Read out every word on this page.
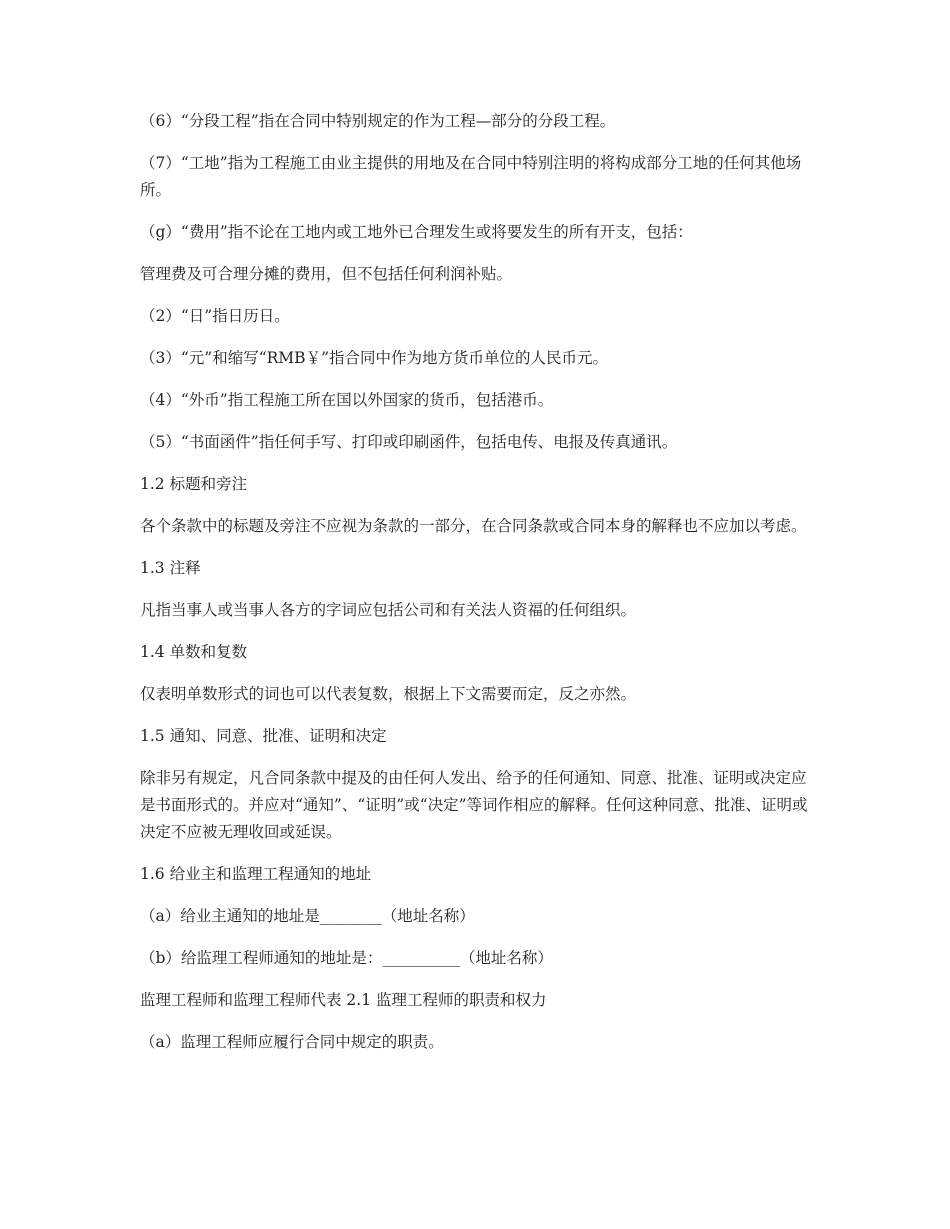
（6）“分段工程”指在合同中特别规定的作为工程—部分的分段工程。

（7）“工地”指为工程施工由业主提供的用地及在合同中特别注明的将构成部分工地的任何其他场所。

（g）“费用”指不论在工地内或工地外已合理发生或将要发生的所有开支，包括：

管理费及可合理分摊的费用，但不包括任何利润补贴。

（2）“日”指日历日。

（3）“元”和缩写“RMB￥”指合同中作为地方货币单位的人民币元。

（4）“外币”指工程施工所在国以外国家的货币，包括港币。

（5）“书面函件”指任何手写、打印或印刷函件，包括电传、电报及传真通讯。

1.2 标题和旁注

各个条款中的标题及旁注不应视为条款的一部分，在合同条款或合同本身的解释也不应加以考虑。

1.3 注释

凡指当事人或当事人各方的字词应包括公司和有关法人资福的任何组织。

1.4 单数和复数

仅表明单数形式的词也可以代表复数，根据上下文需要而定，反之亦然。

1.5 通知、同意、批准、证明和决定

除非另有规定，凡合同条款中提及的由任何人发出、给予的任何通知、同意、批准、证明或决定应是书面形式的。并应对“通知”、“证明”或“决定”等词作相应的解释。任何这种同意、批准、证明或决定不应被无理收回或延误。

1.6 给业主和监理工程通知的地址

（a）给业主通知的地址是________（地址名称）

（b）给监理工程师通知的地址是：__________（地址名称）

监理工程师和监理工程师代表 2.1 监理工程师的职责和权力

（a）监理工程师应履行合同中规定的职责。
